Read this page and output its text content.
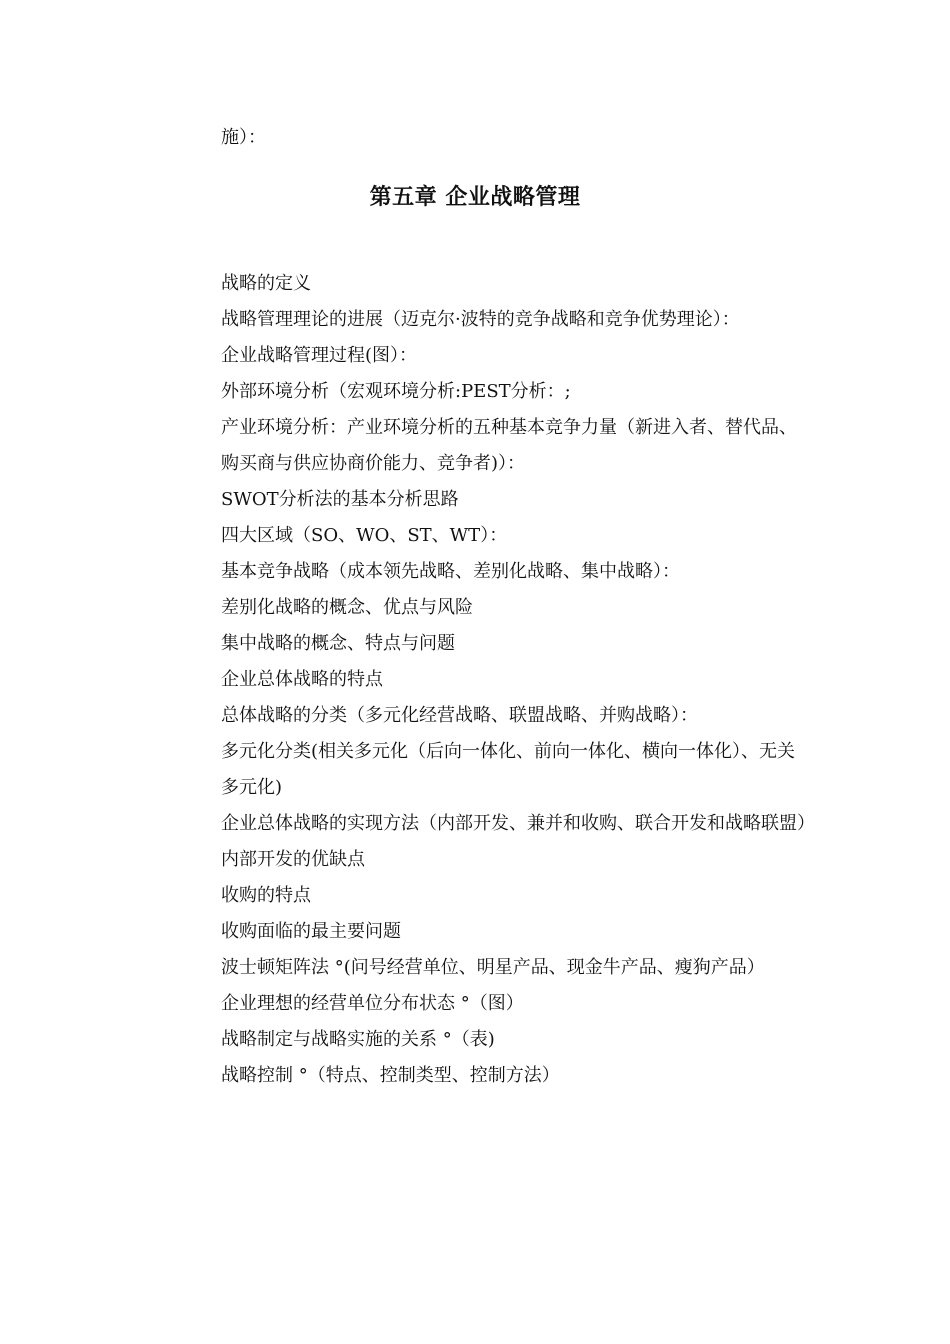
施）：
第五章 企业战略管理

战略的定义

战略管理理论的进展（迈克尔·波特的竞争战略和竞争优势理论）：

企业战略管理过程(图）：

外部环境分析（宏观环境分析:PEST分析：;

产业环境分析：产业环境分析的五种基本竞争力量（新进入者、替代品、购买商与供应协商价能力、竞争者)）：

SWOT分析法的基本分析思路

四大区域（SO、WO、ST、WT）：

基本竞争战略（成本领先战略、差别化战略、集中战略）：

差别化战略的概念、优点与风险

集中战略的概念、特点与问题

企业总体战略的特点

总体战略的分类（多元化经营战略、联盟战略、并购战略）：

多元化分类(相关多元化（后向一体化、前向一体化、横向一体化）、无关多元化)

企业总体战略的实现方法（内部开发、兼并和收购、联合开发和战略联盟）

内部开发的优缺点

收购的特点

收购面临的最主要问题

波士顿矩阵法 °(问号经营单位、明星产品、现金牛产品、瘦狗产品）

企业理想的经营单位分布状态 °（图）

战略制定与战略实施的关系 °（表)

战略控制 °（特点、控制类型、控制方法）
